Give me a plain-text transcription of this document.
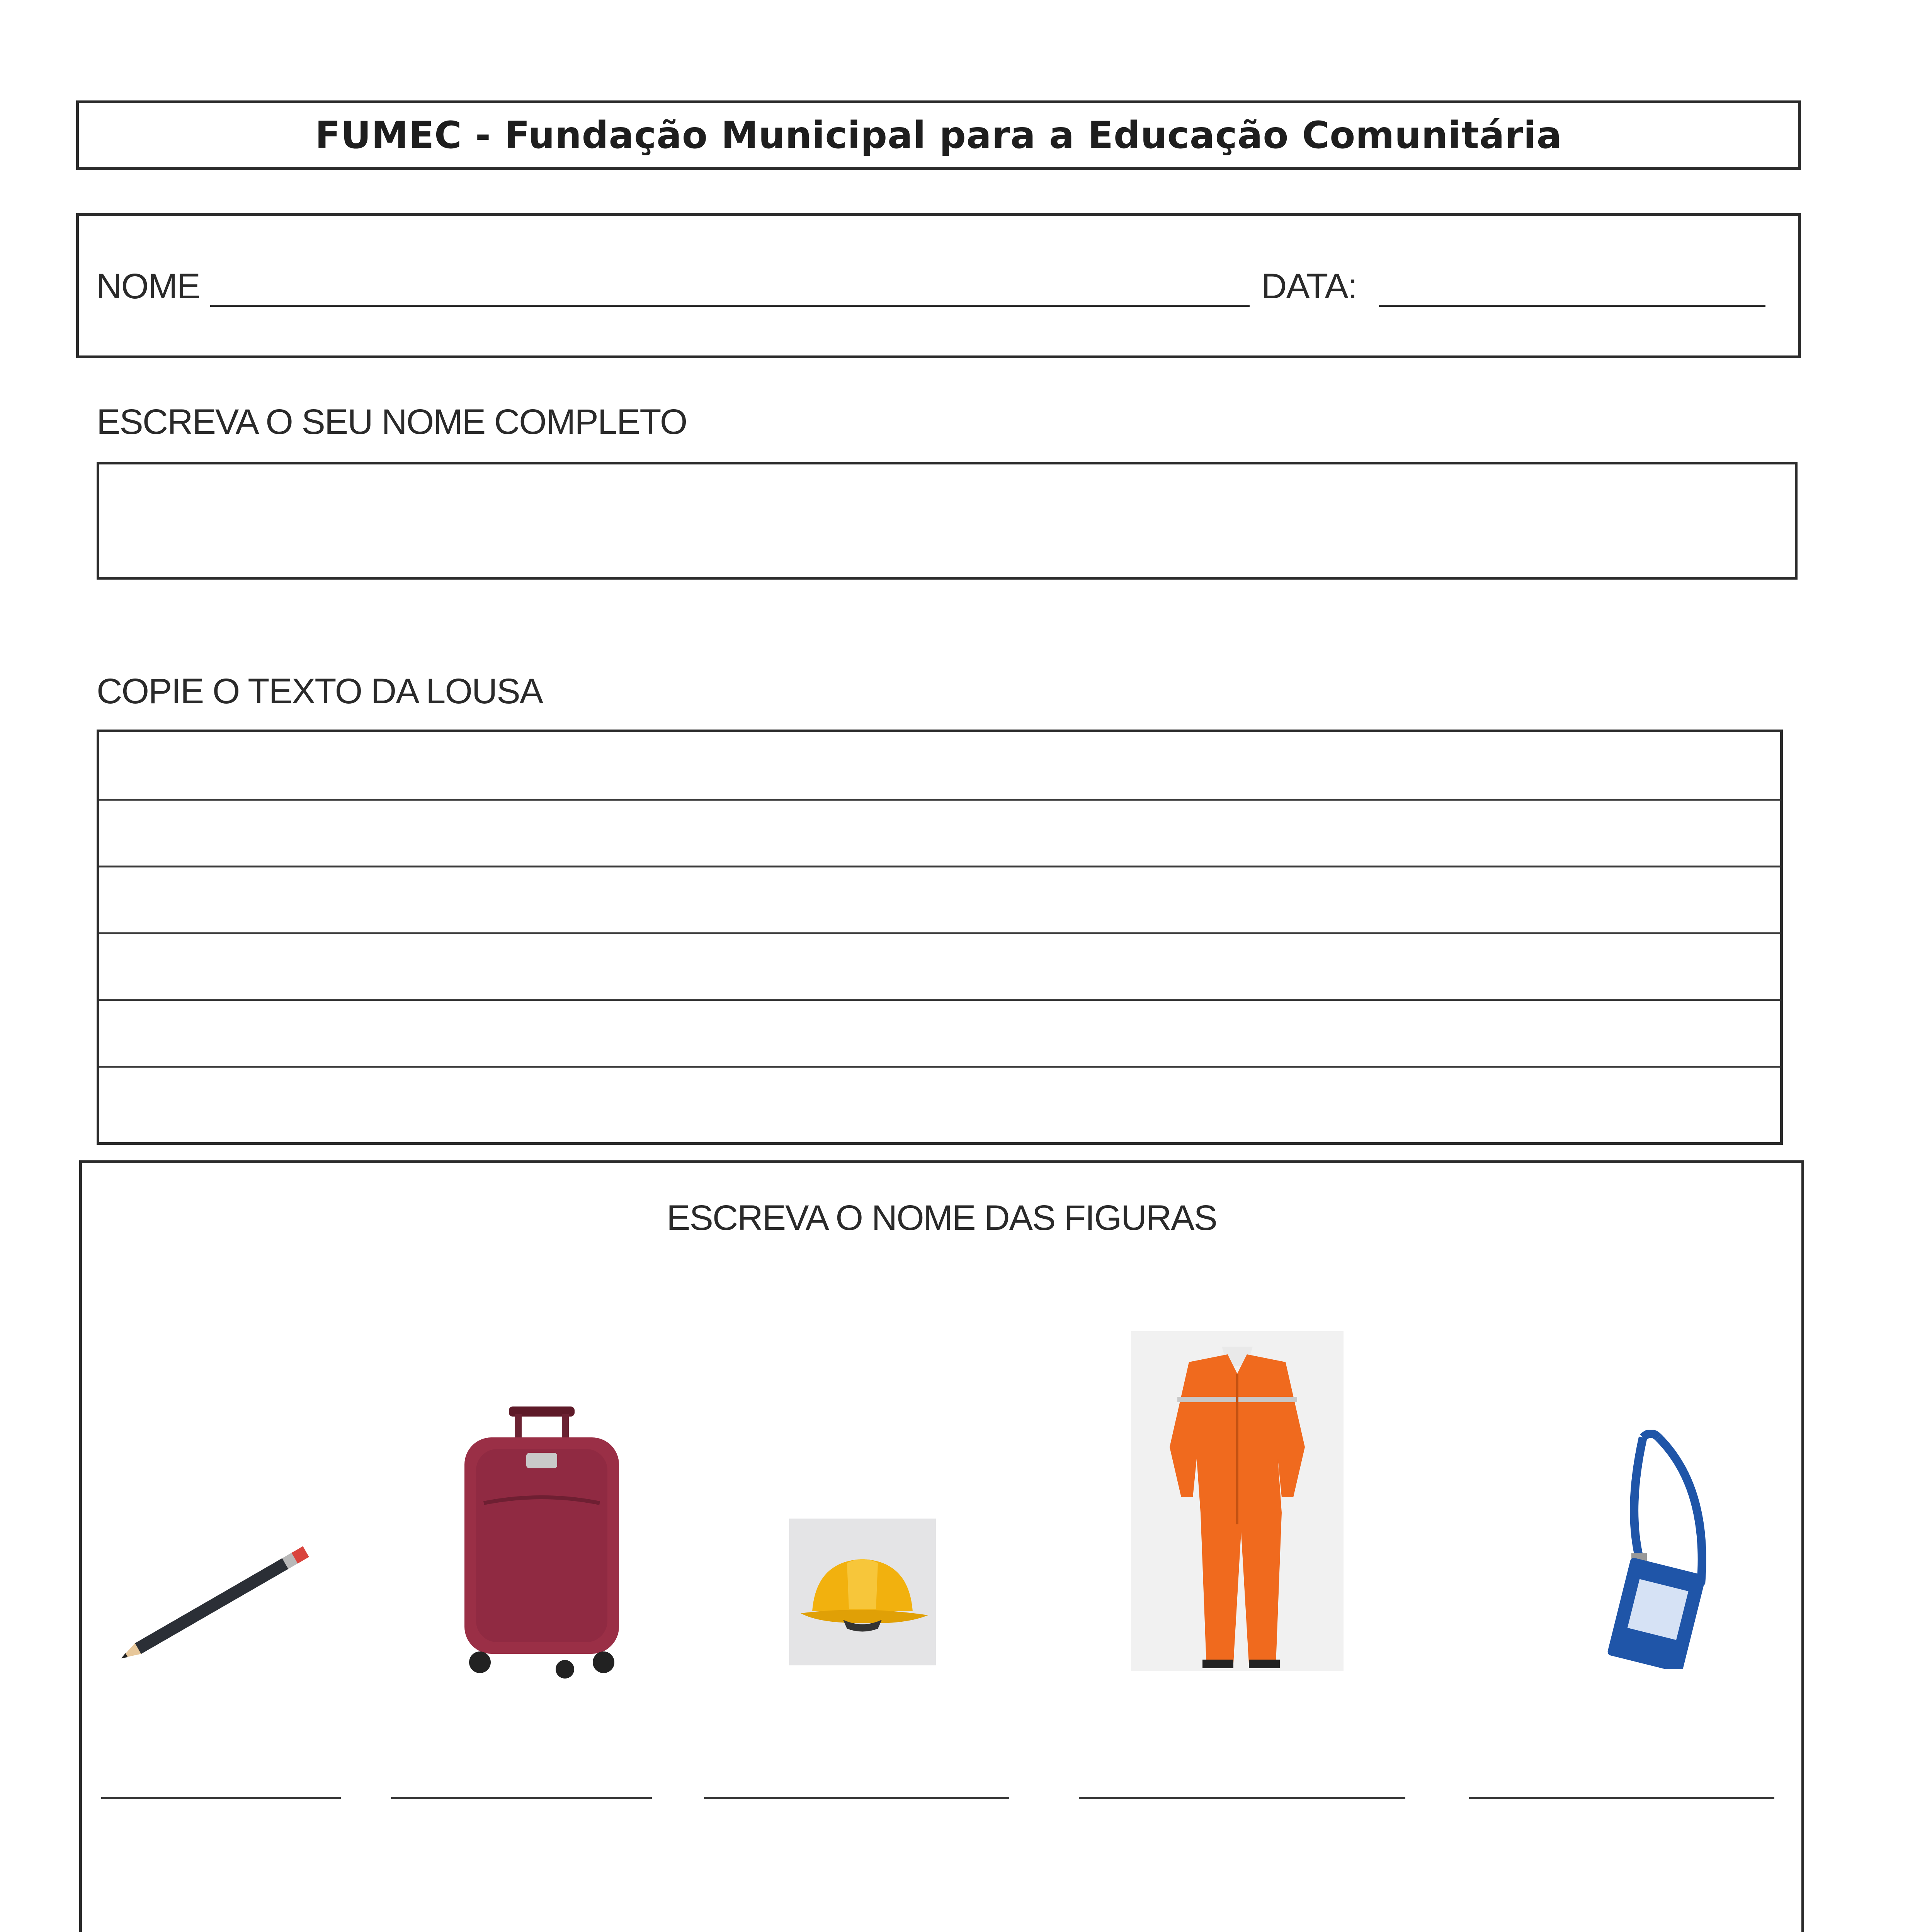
FUMEC - Fundação Municipal para a Educação Comunitária
NOME	DATA:
ESCREVA O SEU NOME COMPLETO
COPIE O TEXTO DA LOUSA
ESCREVA O NOME DAS FIGURAS
